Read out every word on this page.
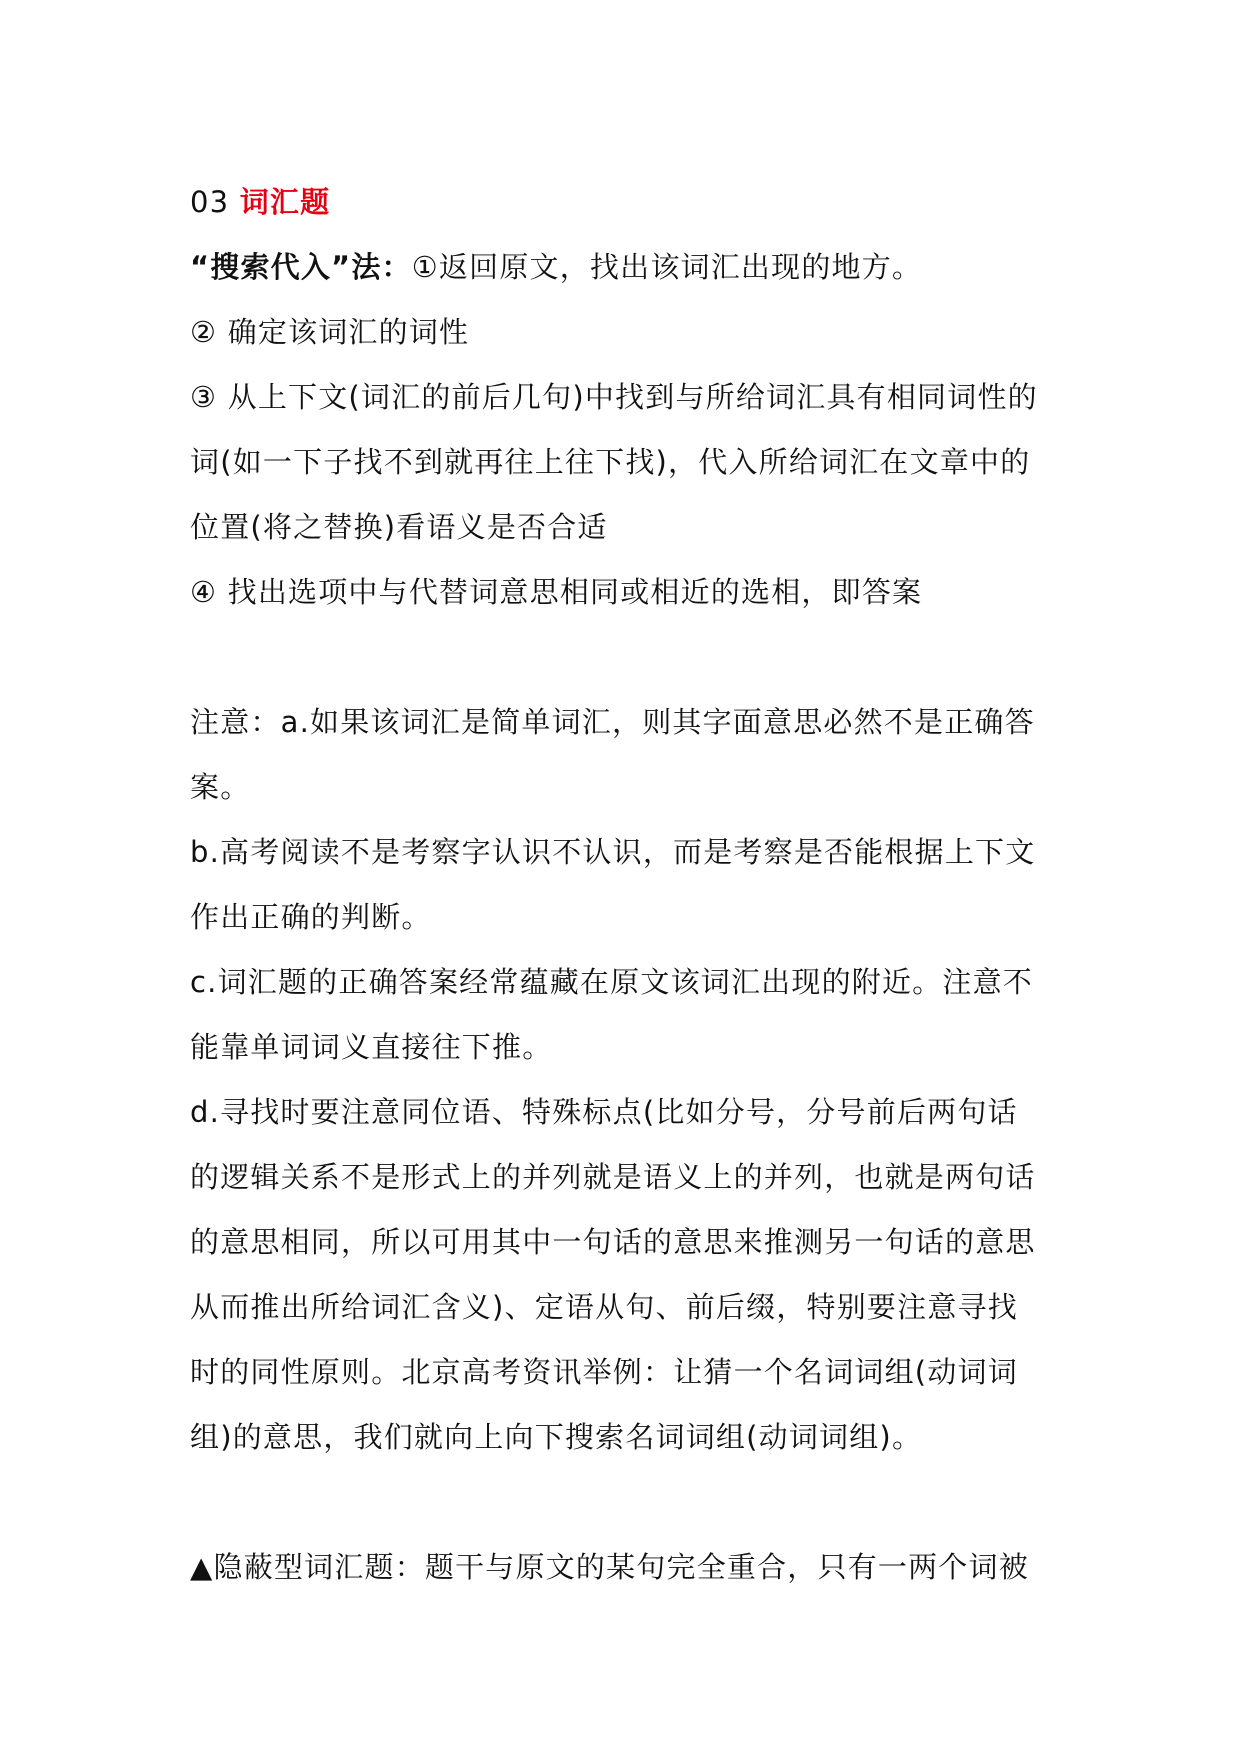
03 词汇题
“搜索代入”法：①返回原文，找出该词汇出现的地方。
② 确定该词汇的词性
③ 从上下文(词汇的前后几句)中找到与所给词汇具有相同词性的
词(如一下子找不到就再往上往下找)，代入所给词汇在文章中的
位置(将之替换)看语义是否合适
④ 找出选项中与代替词意思相同或相近的选相，即答案
注意：a.如果该词汇是简单词汇，则其字面意思必然不是正确答
案。
b.高考阅读不是考察字认识不认识，而是考察是否能根据上下文
作出正确的判断。
c.词汇题的正确答案经常蕴藏在原文该词汇出现的附近。注意不
能靠单词词义直接往下推。
d.寻找时要注意同位语、特殊标点(比如分号，分号前后两句话
的逻辑关系不是形式上的并列就是语义上的并列，也就是两句话
的意思相同，所以可用其中一句话的意思来推测另一句话的意思
从而推出所给词汇含义)、定语从句、前后缀，特别要注意寻找
时的同性原则。北京高考资讯举例：让猜一个名词词组(动词词
组)的意思，我们就向上向下搜索名词词组(动词词组)。
▲隐蔽型词汇题：题干与原文的某句完全重合，只有一两个词被
